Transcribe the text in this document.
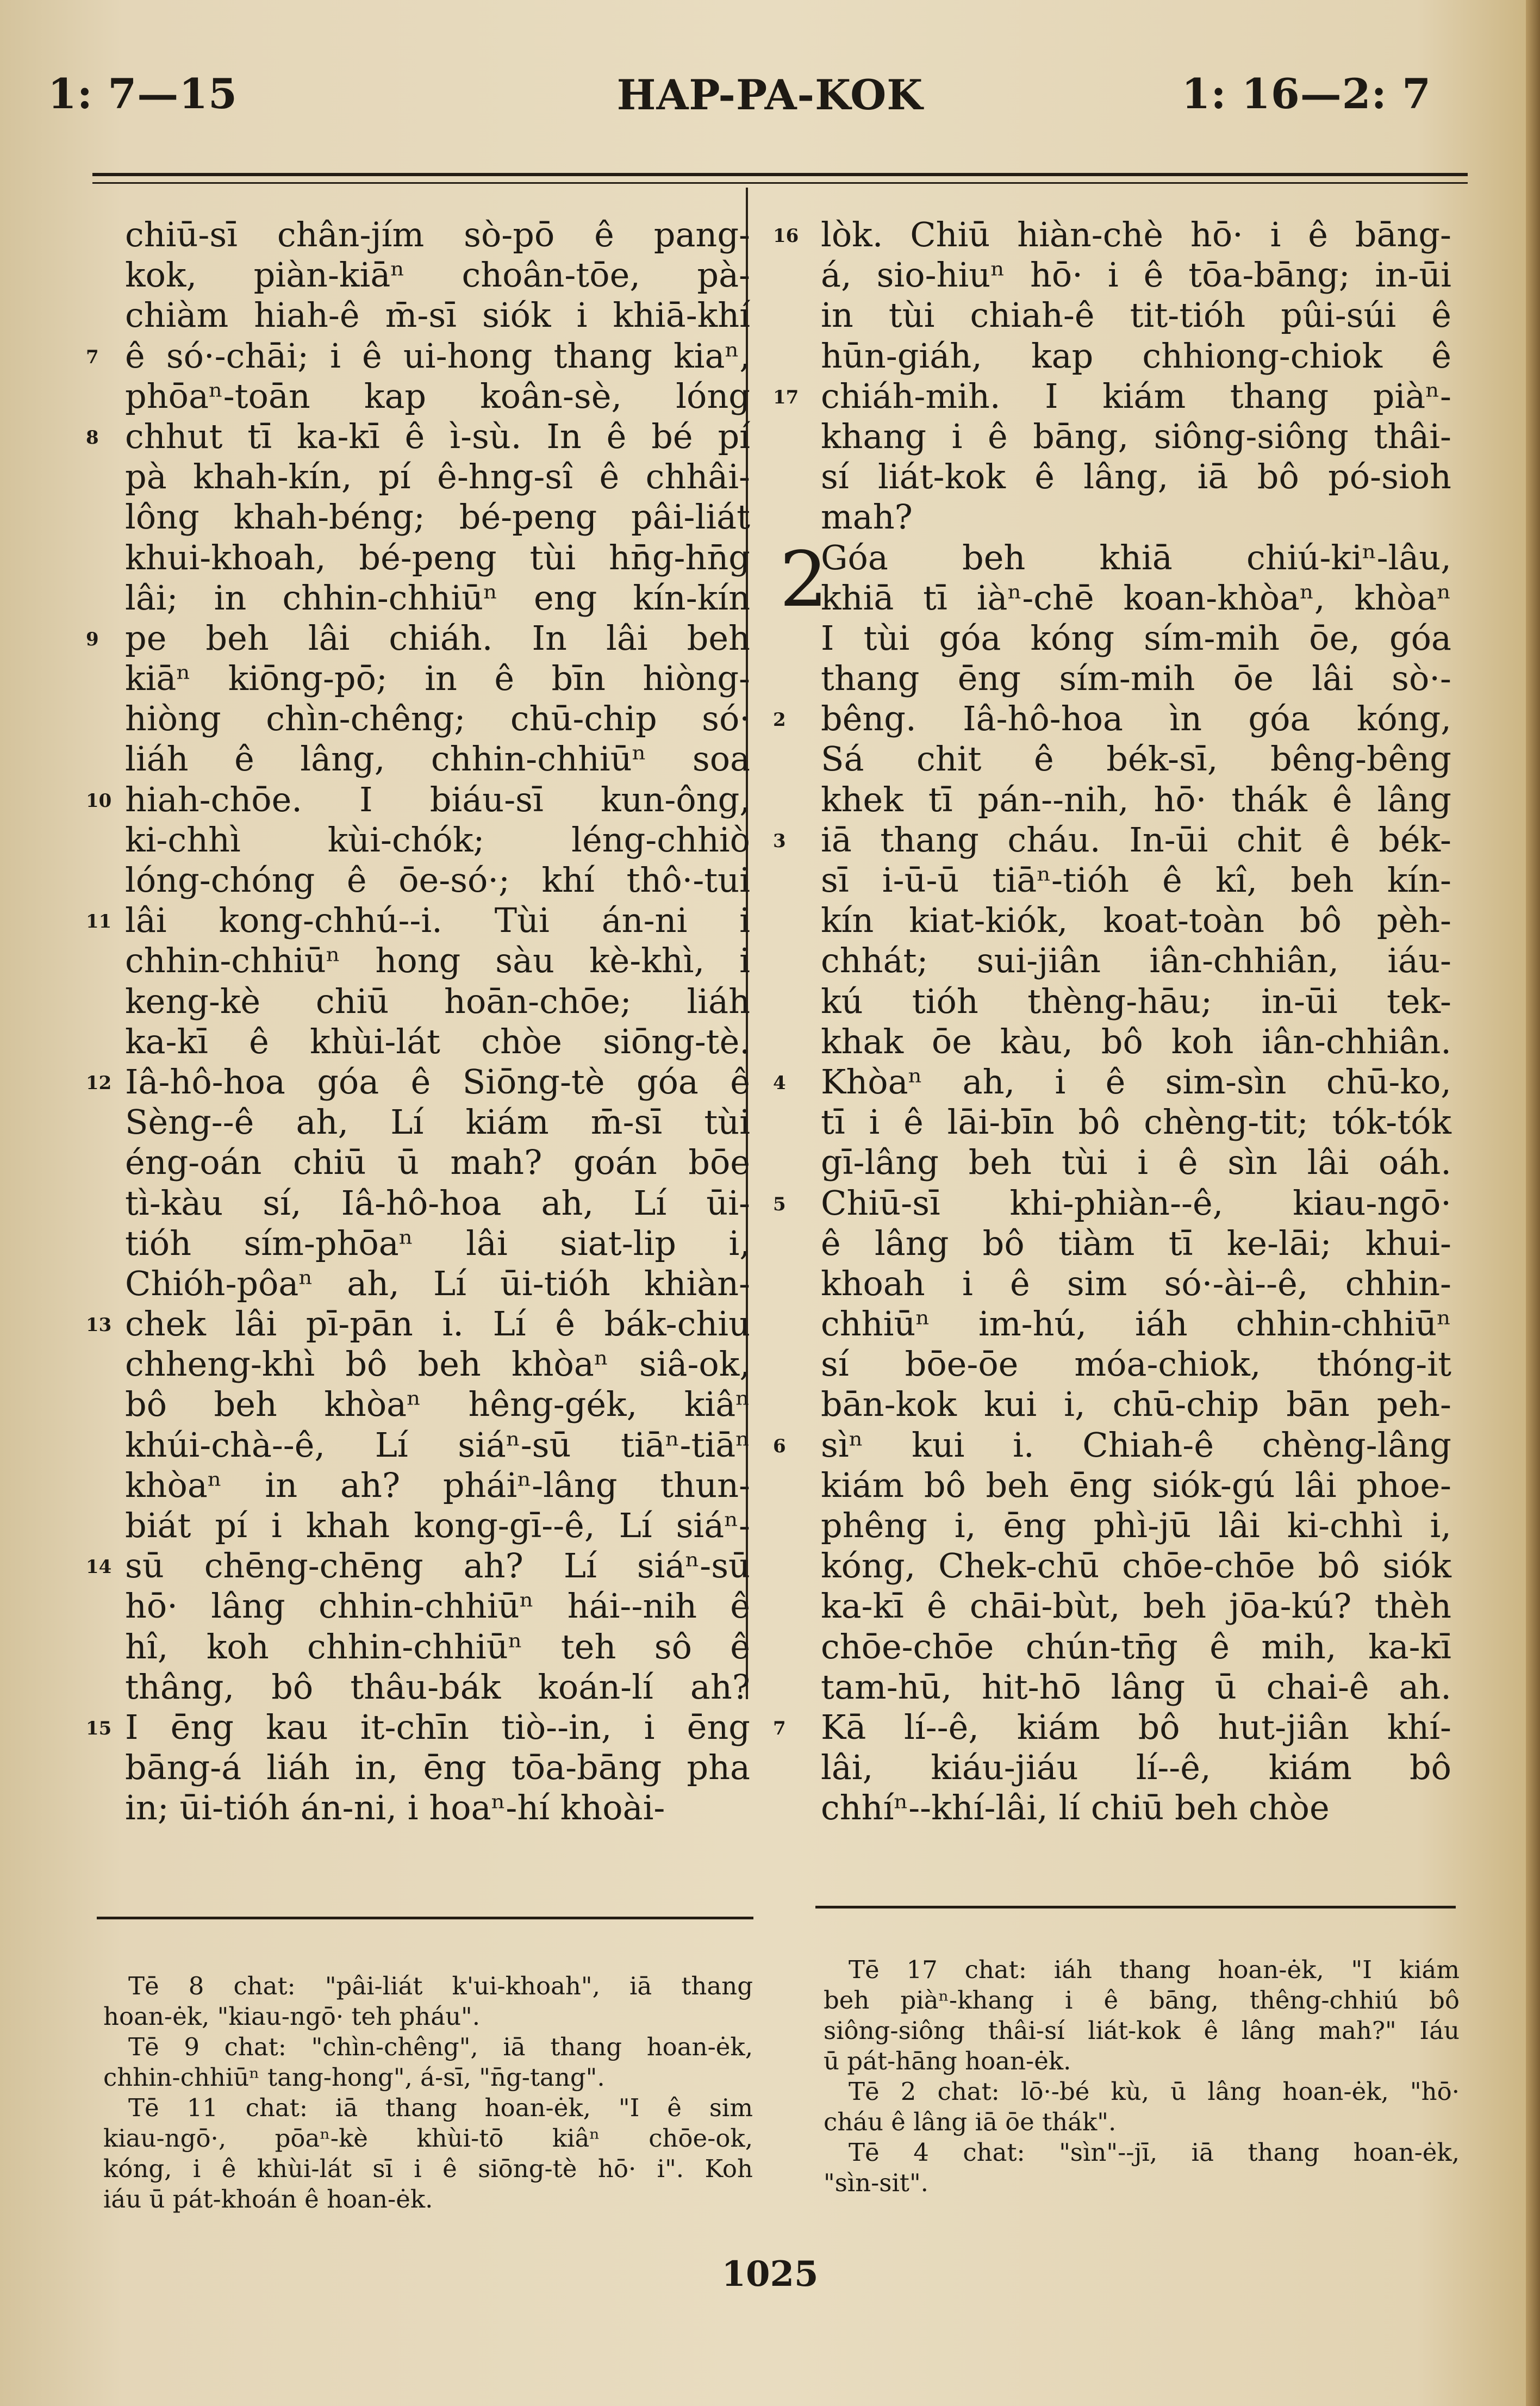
1: 7—15	HAP-PA-KOK	1: 16—2: 7
chiū-sī chân-jím sò-pō ê pang-
kok, piàn-kiāⁿ choân-tōe, pà-
chiàm hiah-ê m̄-sī siók i khiā-khí
7 ê só·-chāi; i ê ui-hong thang kiaⁿ,
phōaⁿ-toān kap koân-sè, lóng
8 chhut tī ka-kī ê ì-sù. In ê bé pí
pà khah-kín, pí ê-hng-sî ê chhâi-
lông khah-béng; bé-peng pâi-liát
khui-khoah, bé-peng tùi hn̄g-hn̄g
lâi; in chhin-chhiūⁿ eng kín-kín
9 pe beh lâi chiáh. In lâi beh
kiāⁿ kiōng-pō; in ê bīn hiòng-
hiòng chìn-chêng; chū-chip só·
liáh ê lâng, chhin-chhiūⁿ soa
10 hiah-chōe. I biáu-sī kun-ông,
ki-chhì kùi-chók; léng-chhiò
lóng-chóng ê ōe-só·; khí thô·-tui
11 lâi kong-chhú--i. Tùi án-ni i
chhin-chhiūⁿ hong sàu kè-khì, i
keng-kè chiū hoān-chōe; liáh
ka-kī ê khùi-lát chòe siōng-tè.
12 Iâ-hô-hoa góa ê Siōng-tè góa ê
Sèng--ê ah, Lí kiám m̄-sī tùi
éng-oán chiū ū mah? goán bōe
tì-kàu sí, Iâ-hô-hoa ah, Lí ūi-
tióh sím-phōaⁿ lâi siat-lip i,
Chióh-pôaⁿ ah, Lí ūi-tióh khiàn-
13 chek lâi pī-pān i. Lí ê bák-chiu
chheng-khì bô beh khòaⁿ siâ-ok,
bô beh khòaⁿ hêng-gék, kiâⁿ
khúi-chà--ê, Lí siáⁿ-sū tiāⁿ-tiāⁿ
khòaⁿ in ah? pháiⁿ-lâng thun-
biát pí i khah kong-gī--ê, Lí siáⁿ-
14 sū chēng-chēng ah? Lí siáⁿ-sū
hō· lâng chhin-chhiūⁿ hái--nih ê
hî, koh chhin-chhiūⁿ teh sô ê
thâng, bô thâu-bák koán-lí ah?
15 I ēng kau it-chīn tiò--in, i ēng
bāng-á liáh in, ēng tōa-bāng pha
in; ūi-tióh án-ni, i hoaⁿ-hí khoài-
16 lòk. Chiū hiàn-chè hō· i ê bāng-
á, sio-hiuⁿ hō· i ê tōa-bāng; in-ūi
in tùi chiah-ê tit-tióh pûi-súi ê
hūn-giáh, kap chhiong-chiok ê
17 chiáh-mih. I kiám thang piàⁿ-
khang i ê bāng, siông-siông thâi-
sí liát-kok ê lâng, iā bô pó-sioh
mah?
2
Góa beh khiā chiú-kiⁿ-lâu,
khiā tī iàⁿ-chē koan-khòaⁿ, khòaⁿ
I tùi góa kóng sím-mih ōe, góa
thang ēng sím-mih ōe lâi sò·-
2 bêng. Iâ-hô-hoa ìn góa kóng,
Sá chit ê bék-sī, bêng-bêng
khek tī pán--nih, hō· thák ê lâng
3 iā thang cháu. In-ūi chit ê bék-
sī i-ū-ū tiāⁿ-tióh ê kî, beh kín-
kín kiat-kiók, koat-toàn bô pèh-
chhát; sui-jiân iân-chhiân, iáu-
kú tióh thèng-hāu; in-ūi tek-
khak ōe kàu, bô koh iân-chhiân.
4 Khòaⁿ ah, i ê sim-sìn chū-ko,
tī i ê lāi-bīn bô chèng-tit; tók-tók
gī-lâng beh tùi i ê sìn lâi oáh.
5 Chiū-sī khi-phiàn--ê, kiau-ngō·
ê lâng bô tiàm tī ke-lāi; khui-
khoah i ê sim só·-ài--ê, chhin-
chhiūⁿ im-hú, iáh chhin-chhiūⁿ
sí bōe-ōe móa-chiok, thóng-it
bān-kok kui i, chū-chip bān peh-
6 sìⁿ kui i. Chiah-ê chèng-lâng
kiám bô beh ēng siók-gú lâi phoe-
phêng i, ēng phì-jū lâi ki-chhì i,
kóng, Chek-chū chōe-chōe bô siók
ka-kī ê chāi-bùt, beh jōa-kú? thèh
chōe-chōe chún-tn̄g ê mih, ka-kī
tam-hū, hit-hō lâng ū chai-ê ah.
7 Kā lí--ê, kiám bô hut-jiân khí-
lâi, kiáu-jiáu lí--ê, kiám bô
chhíⁿ--khí-lâi, lí chiū beh chòe
Tē 8 chat: "pâi-liát k'ui-khoah", iā thang
hoan-ėk, "kiau-ngō· teh pháu".
Tē 9 chat: "chìn-chêng", iā thang hoan-ėk,
chhin-chhiūⁿ tang-hong", á-sī, "n̄g-tang".
Tē 11 chat: iā thang hoan-ėk, "I ê sim
kiau-ngō·, pōaⁿ-kè khùi-tō kiâⁿ chōe-ok,
kóng, i ê khùi-lát sī i ê siōng-tè hō· i". Koh
iáu ū pát-khoán ê hoan-ėk.
Tē 17 chat: iáh thang hoan-ėk, "I kiám
beh piàⁿ-khang i ê bāng, thêng-chhiú bô
siông-siông thâi-sí liát-kok ê lâng mah?" Iáu
ū pát-hāng hoan-ėk.
Tē 2 chat: lō·-bé kù, ū lâng hoan-ėk, "hō·
cháu ê lâng iā ōe thák".
Tē 4 chat: "sìn"--jī, iā thang hoan-ėk,
"sìn-sit".
1025
